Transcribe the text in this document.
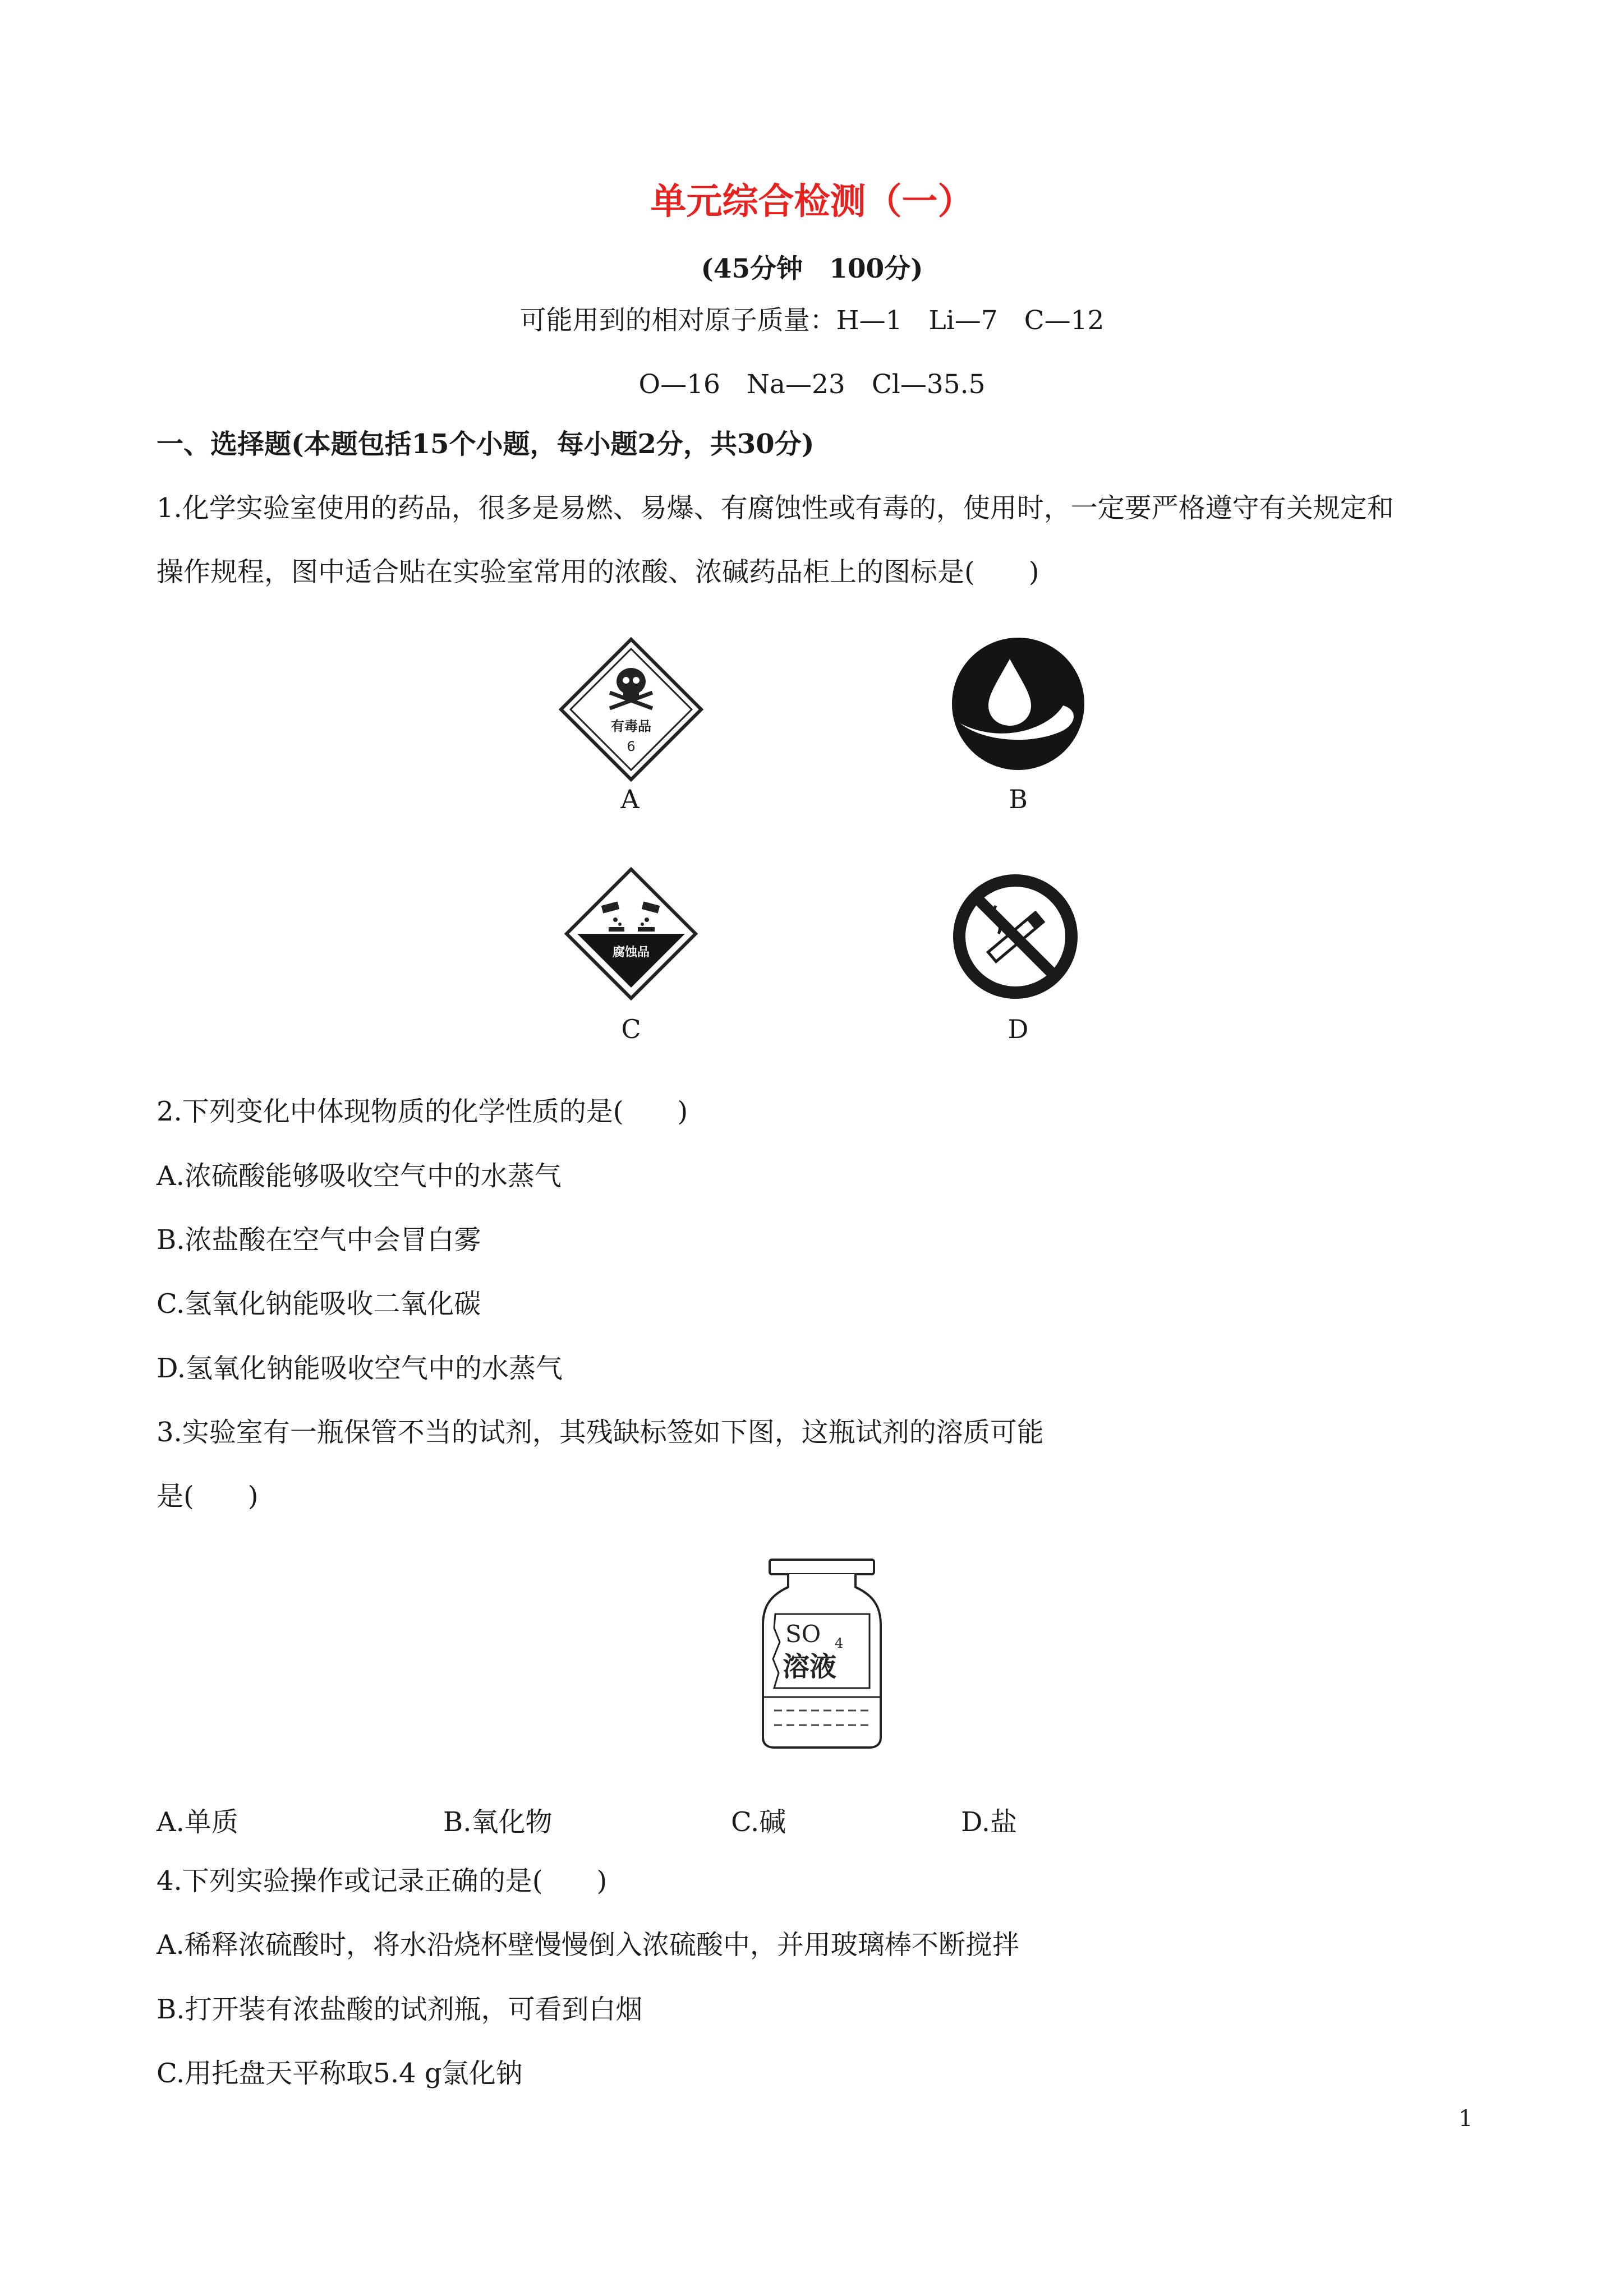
单元综合检测（一）
(45分钟　100分)
可能用到的相对原子质量：H—1　Li—7　C—12
O—16　Na—23　Cl—35.5
一、选择题(本题包括15个小题，每小题2分，共30分)
1.化学实验室使用的药品，很多是易燃、易爆、有腐蚀性或有毒的，使用时，一定要严格遵守有关规定和
操作规程，图中适合贴在实验室常用的浓酸、浓碱药品柜上的图标是(　　)
有毒品
6
A	B
腐蚀品
C	D
2.下列变化中体现物质的化学性质的是(　　)
A.浓硫酸能够吸收空气中的水蒸气
B.浓盐酸在空气中会冒白雾
C.氢氧化钠能吸收二氧化碳
D.氢氧化钠能吸收空气中的水蒸气
3.实验室有一瓶保管不当的试剂，其残缺标签如下图，这瓶试剂的溶质可能
是(　　)
SO 4
溶液
A.单质	B.氧化物	C.碱	D.盐
4.下列实验操作或记录正确的是(　　)
A.稀释浓硫酸时，将水沿烧杯壁慢慢倒入浓硫酸中，并用玻璃棒不断搅拌
B.打开装有浓盐酸的试剂瓶，可看到白烟
C.用托盘天平称取5.4 g氯化钠
1
